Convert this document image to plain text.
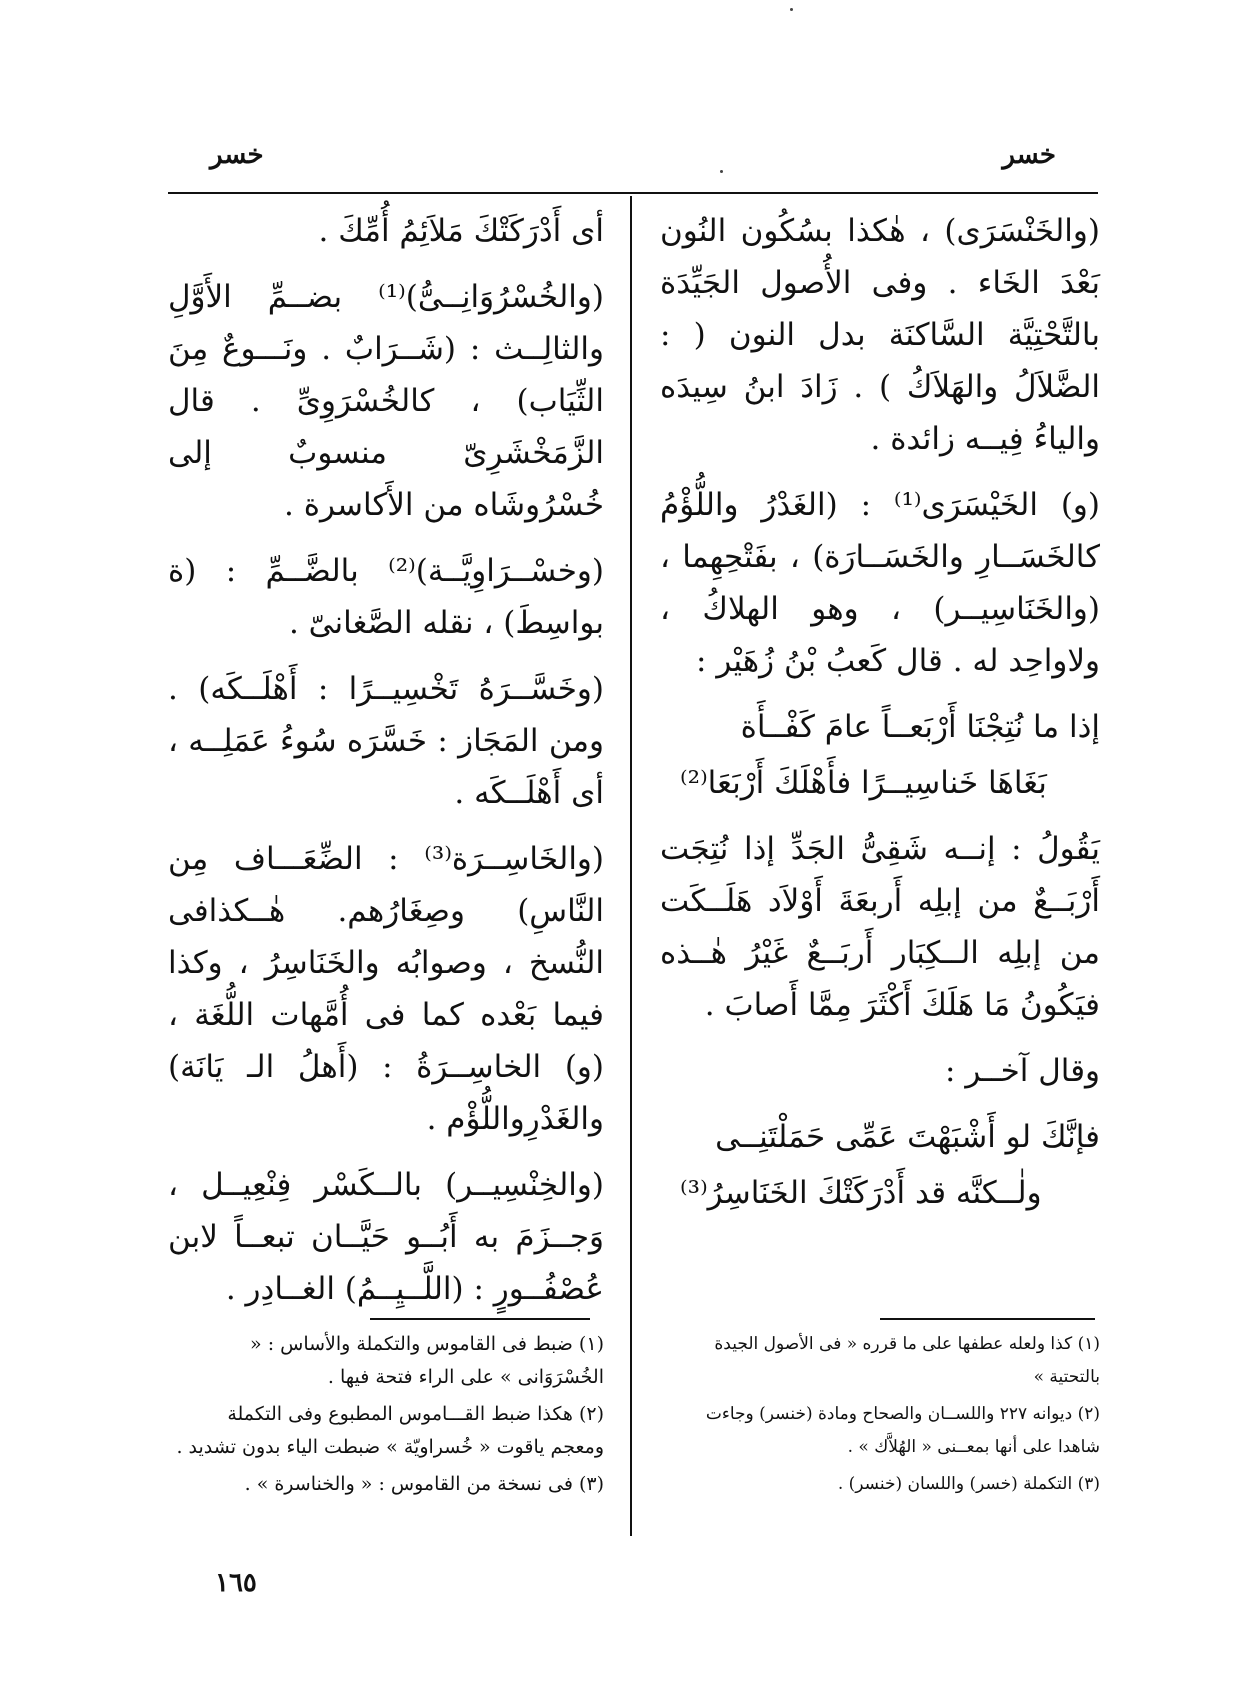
خسر
خسر

(والخَنْسَرَى) ، هٰكذا بسُكُون النُون بَعْدَ الخَاء . وفى الأُصول الجَيِّدَة بالتَّحْتِيَّة السَّاكنَة بدل النون ( : الضَّلاَلُ والهَلاَكُ ) . زَادَ ابنُ سِيدَه والياءُ فِيــه زائدة .

(و) الخَيْسَرَى⁽¹⁾ : (الغَدْرُ واللُّؤْمُ كالخَسَــارِ والخَسَــارَة) ، بفَتْحِهِما ، (والخَنَاسِيــر) ، وهو الهلاكُ ، ولاواحِد له . قال كَعبُ بْنُ زُهَيْر :

إذا ما نُتِجْنَا أَرْبَعــاً عامَ كَفْــأَة

بَغَاهَا خَناسِيــرًا فأَهْلَكَ أَرْبَعَا⁽²⁾

يَقُولُ : إنــه شَقِىُّ الجَدِّ إذا نُتِجَت أَرْبَــعٌ من إبلِه أَربعَةَ أَوْلاَد هَلَــكَت من إبلِه الــكِبَار أَربَــعٌ غَيْرُ هٰــذه فيَكُونُ مَا هَلَكَ أَكْثَرَ مِمَّا أَصابَ .

وقال آخــر :

فإنَّكَ لو أَشْبَهْتَ عَمِّى حَمَلْتَنِــى

ولٰــكنَّه قد أَدْرَكَتْكَ الخَنَاسِرُ⁽³⁾

أى أَدْرَكَتْكَ مَلاَئِمُ أُمِّكَ .

(والخُسْرُوَانِــىُّ)⁽¹⁾ بضــمِّ الأَوَّلِ والثالِــث : (شَــرَابٌ . ونَـــوعٌ مِنَ الثِّيَاب) ، كالخُسْرَوِىِّ . قال الزَّمَخْشَرِىّ منسوبٌ إلى خُسْرُوشَاه من الأَكاسرة .

(وخسْــرَاوِيَّــة)⁽²⁾ بالضَّــمِّ : (ة بواسِطَ) ، نقله الصَّغانىّ .

(وخَسَّــرَهُ تَخْسِيــرًا : أَهْلَــكَه) . ومن المَجَاز : خَسَّرَه سُوءُ عَمَلِــه ، أى أَهْلَــكَه .

(والخَاسِــرَة⁽³⁾ : الضِّعَـــاف مِن النَّاسِ) وصِغَارُهم. هٰــكذافى النُّسخ ، وصوابُه والخَنَاسِرُ ، وكذا فيما بَعْده كما فى أُمَّهات اللُّغَة ، (و) الخاسِــرَةُ : (أَهلُ الـ يَانَة) والغَدْرِواللُّؤْم .

(والخِنْسِيــر) بالــكَسْر فِنْعِيــل ، وَجــزَمَ به أَبُــو حَيَّــان تبعــاً لابن عُصْفُــورٍ : (اللَّــيِــمُ) الغــادِر .

(١) كذا ولعله عطفها على ما قرره « فى الأصول الجيدة بالتحتية »

(٢) ديوانه ٢٢٧ واللســان والصحاح ومادة (خنسر) وجاءت شاهدا على أنها بمعــنى « الهُلاَّك » .

(٣) التكملة (خسر) واللسان (خنسر) .

(١) ضبط فى القاموس والتكملة والأساس : « الخُسْرَوَانى » على الراء فتحة فيها .

(٢) هكذا ضبط القـــاموس المطبوع وفى التكملة ومعجم ياقوت « خُسراويّة » ضبطت الياء بدون تشديد .

(٣) فى نسخة من القاموس : « والخناسرة » .

١٦٥
